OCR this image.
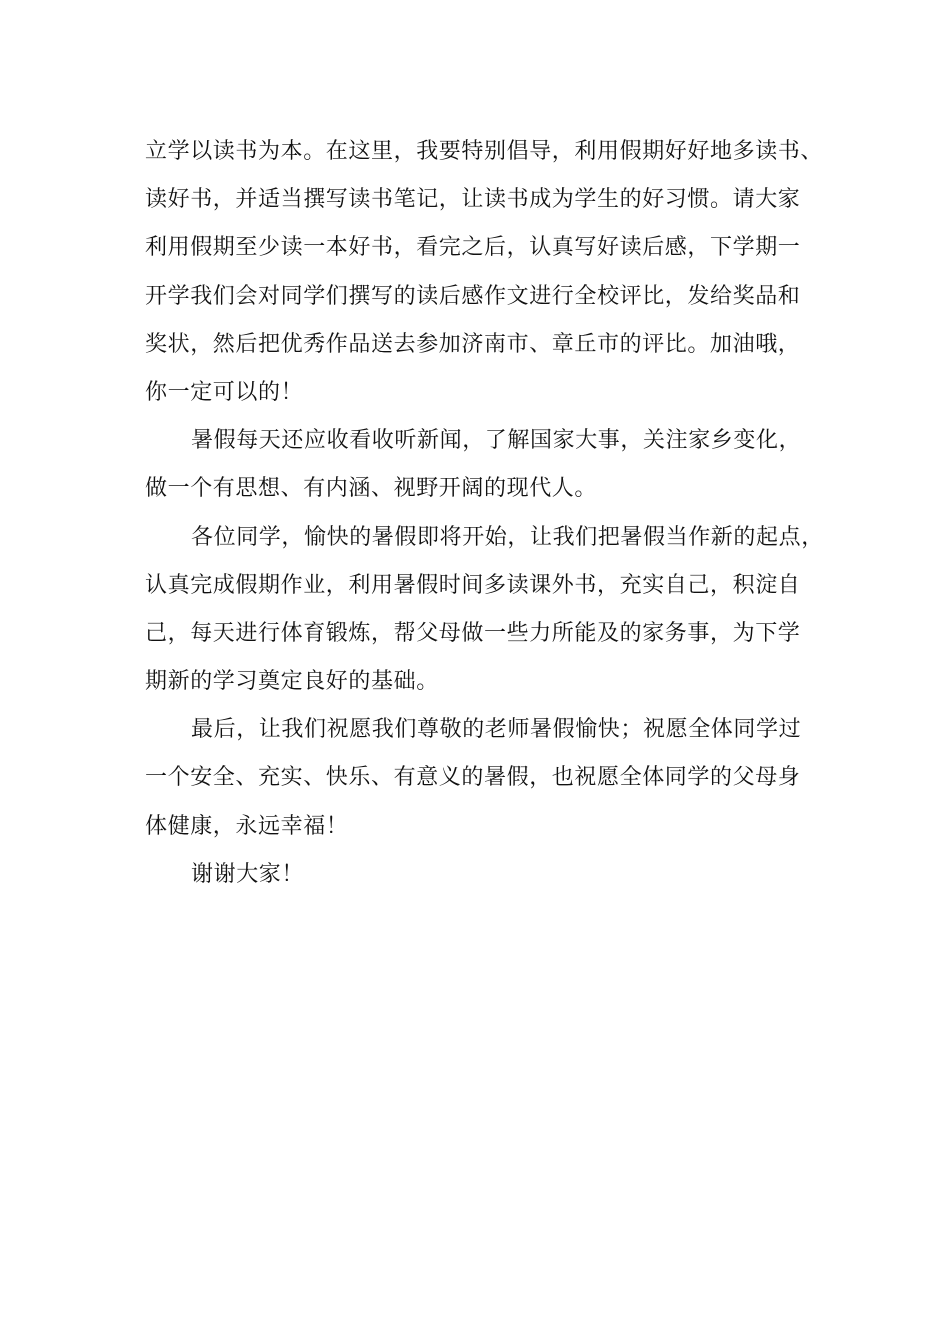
立学以读书为本。在这里，我要特别倡导，利用假期好好地多读书、
读好书，并适当撰写读书笔记，让读书成为学生的好习惯。请大家
利用假期至少读一本好书，看完之后，认真写好读后感，下学期一
开学我们会对同学们撰写的读后感作文进行全校评比，发给奖品和
奖状，然后把优秀作品送去参加济南市、章丘市的评比。加油哦，
你一定可以的！
暑假每天还应收看收听新闻，了解国家大事，关注家乡变化，
做一个有思想、有内涵、视野开阔的现代人。
各位同学，愉快的暑假即将开始，让我们把暑假当作新的起点，
认真完成假期作业，利用暑假时间多读课外书，充实自己，积淀自
己，每天进行体育锻炼，帮父母做一些力所能及的家务事，为下学
期新的学习奠定良好的基础。
最后，让我们祝愿我们尊敬的老师暑假愉快；祝愿全体同学过
一个安全、充实、快乐、有意义的暑假，也祝愿全体同学的父母身
体健康，永远幸福！
谢谢大家！
